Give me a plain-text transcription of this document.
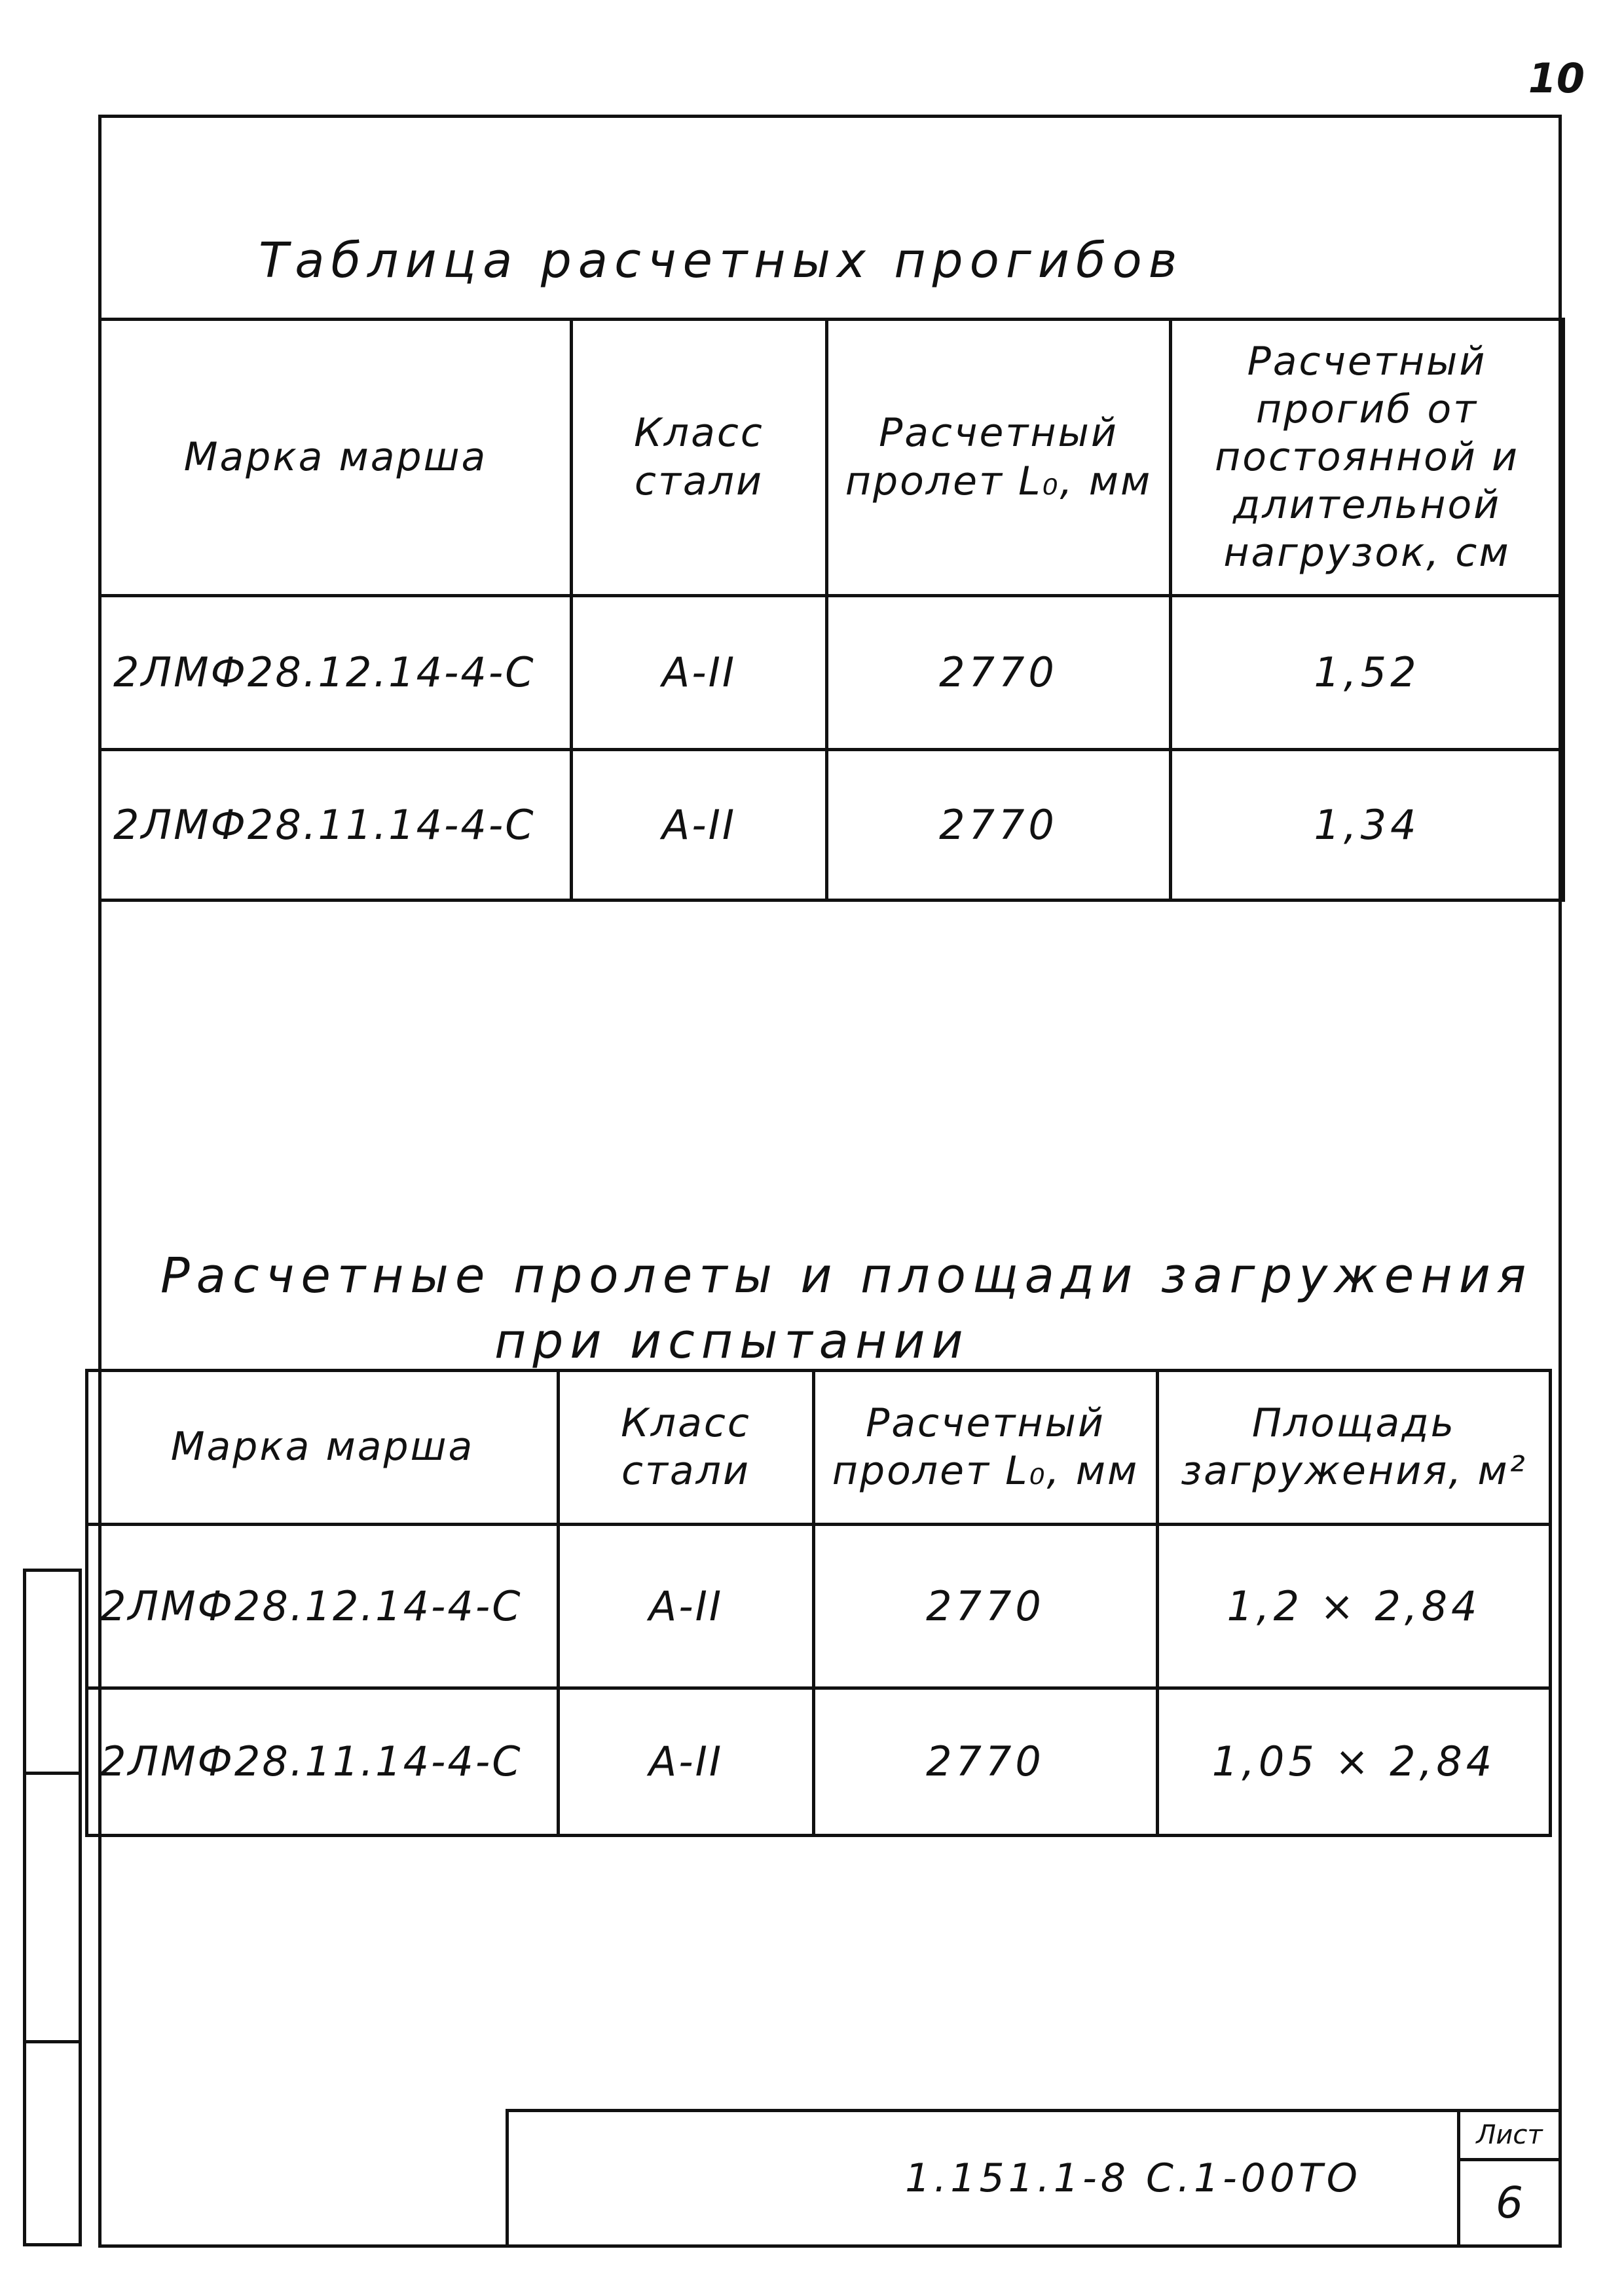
10
Таблица расчетных прогибов
Марка марша	Класс стали	Расчетный пролет L₀, мм	Расчетный прогиб от постоянной и длительной нагрузок, см
2ЛМФ28.12.14-4-С	A-II	2770	1,52
2ЛМФ28.11.14-4-С	A-II	2770	1,34
Расчетные пролеты и площади загружения
при испытании
Марка марша	Класс стали	Расчетный пролет L₀, мм	Площадь загружения, м²
2ЛМФ28.12.14-4-С	A-II	2770	1,2 × 2,84
2ЛМФ28.11.14-4-С	A-II	2770	1,05 × 2,84
1.151.1-8 С.1-00ТО
Лист
6
